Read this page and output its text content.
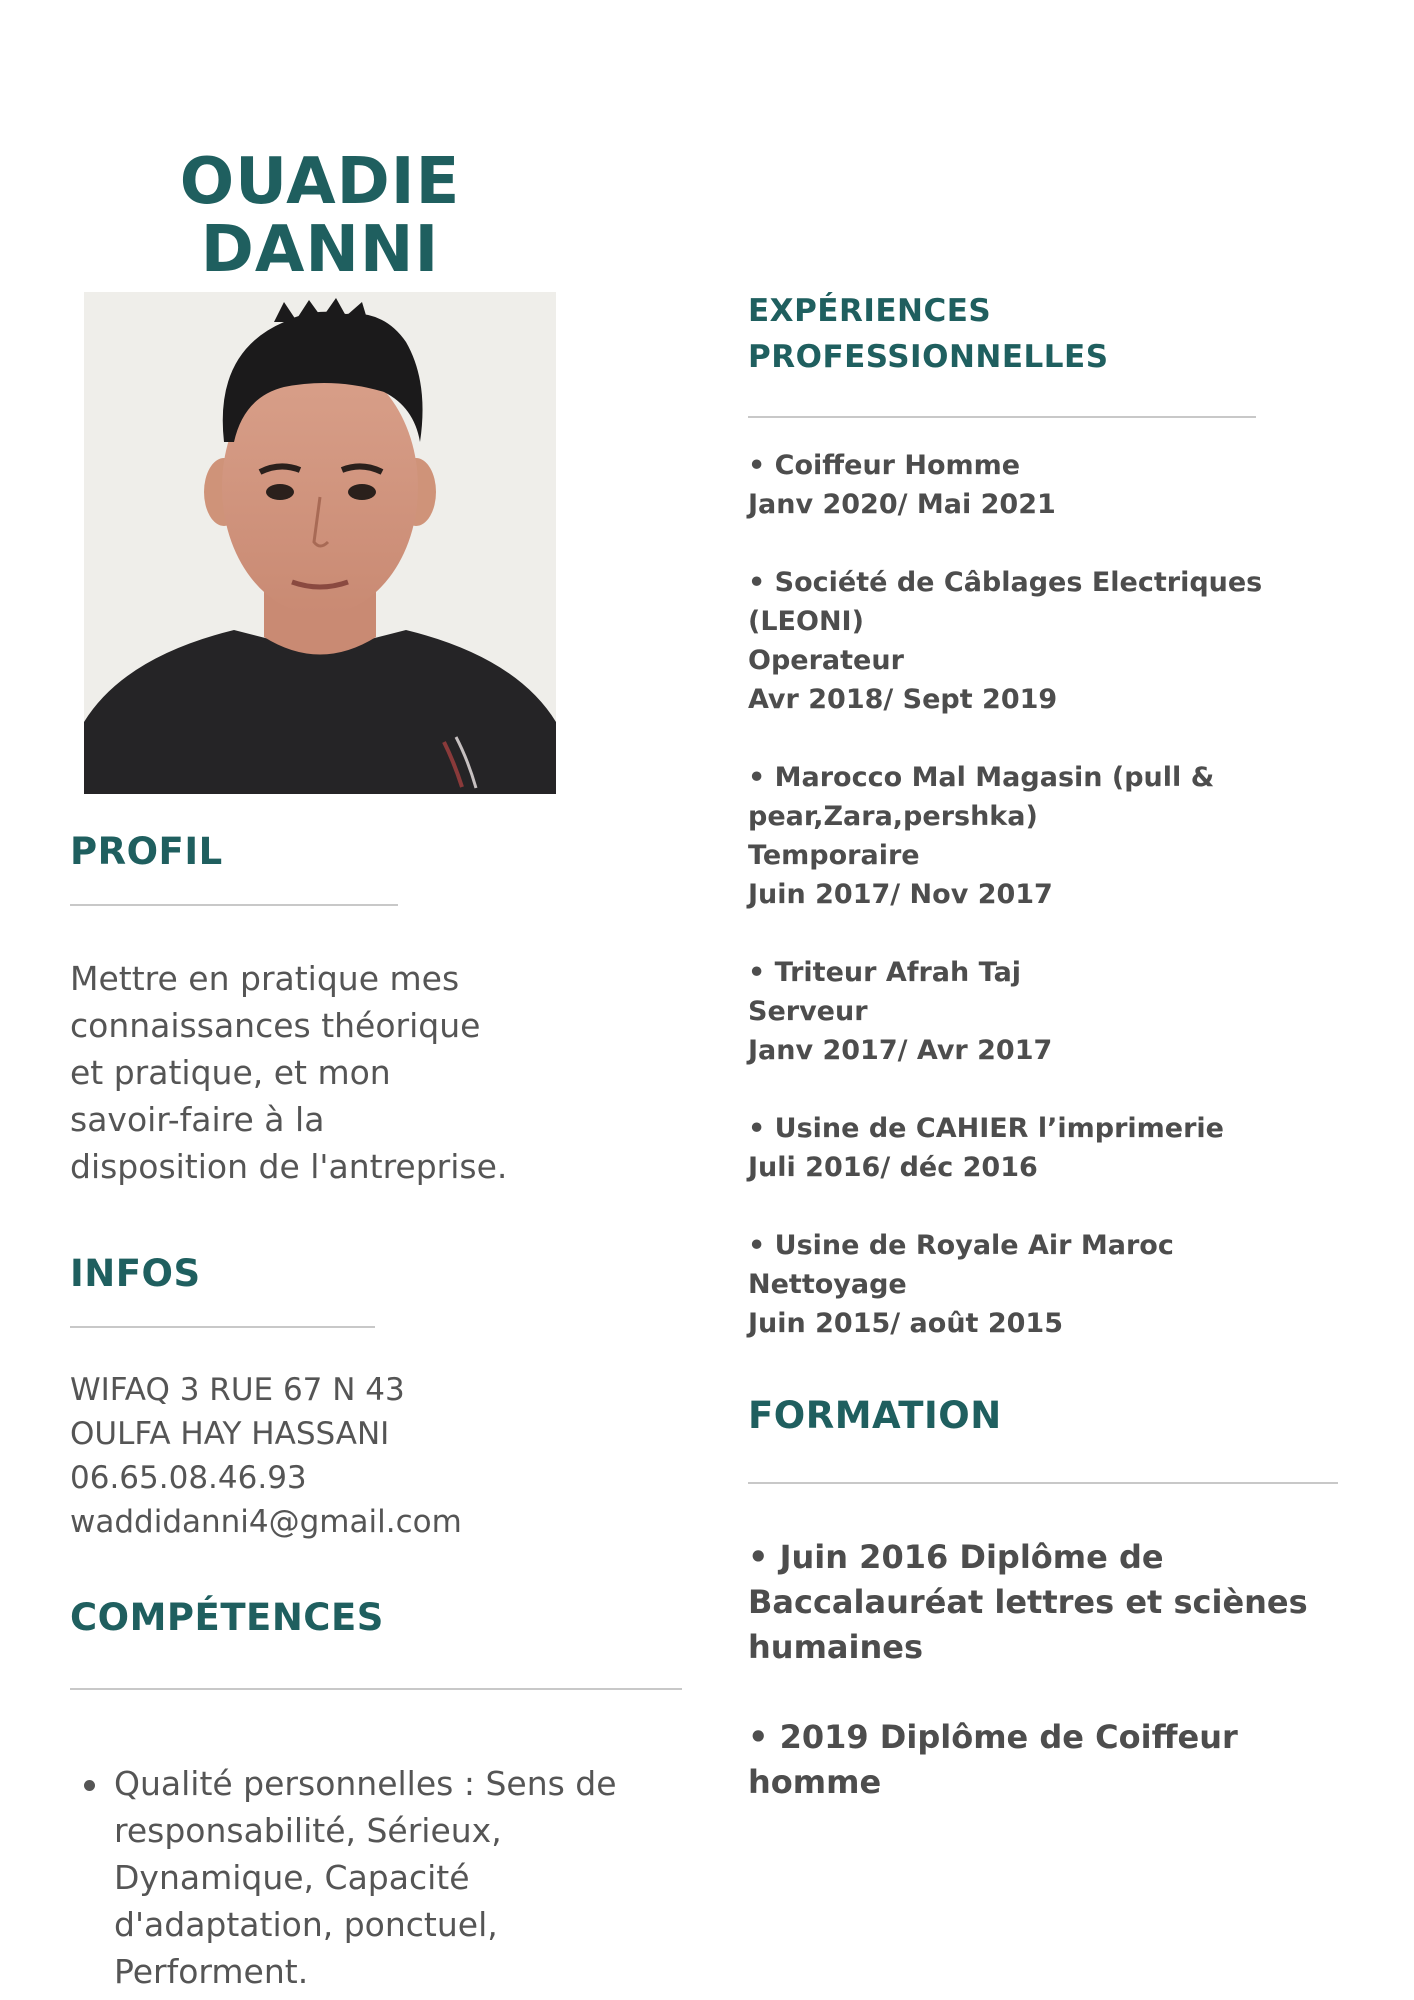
OUADIE
DANNI
PROFIL
Mettre en pratique mes
connaissances théorique
et pratique, et mon
savoir-faire à la
disposition de l'antreprise.
INFOS
WIFAQ 3 RUE 67 N 43
OULFA HAY HASSANI
06.65.08.46.93
waddidanni4@gmail.com
COMPÉTENCES
Qualité personnelles : Sens de
responsabilité, Sérieux,
Dynamique, Capacité
d'adaptation, ponctuel,
Performent.
EXPÉRIENCES
PROFESSIONNELLES
• Coiffeur Homme
Janv 2020/ Mai 2021
• Société de Câblages Electriques
(LEONI)
Operateur
Avr 2018/ Sept 2019
• Marocco Mal Magasin (pull &
pear,Zara,pershka)
Temporaire
Juin 2017/ Nov 2017
• Triteur Afrah Taj
Serveur
Janv 2017/ Avr 2017
• Usine de CAHIER l’imprimerie
Juli 2016/ déc 2016
• Usine de Royale Air Maroc
Nettoyage
Juin 2015/ août 2015
FORMATION
• Juin 2016 Diplôme de
Baccalauréat lettres et sciènes
humaines
• 2019 Diplôme de Coiffeur homme
